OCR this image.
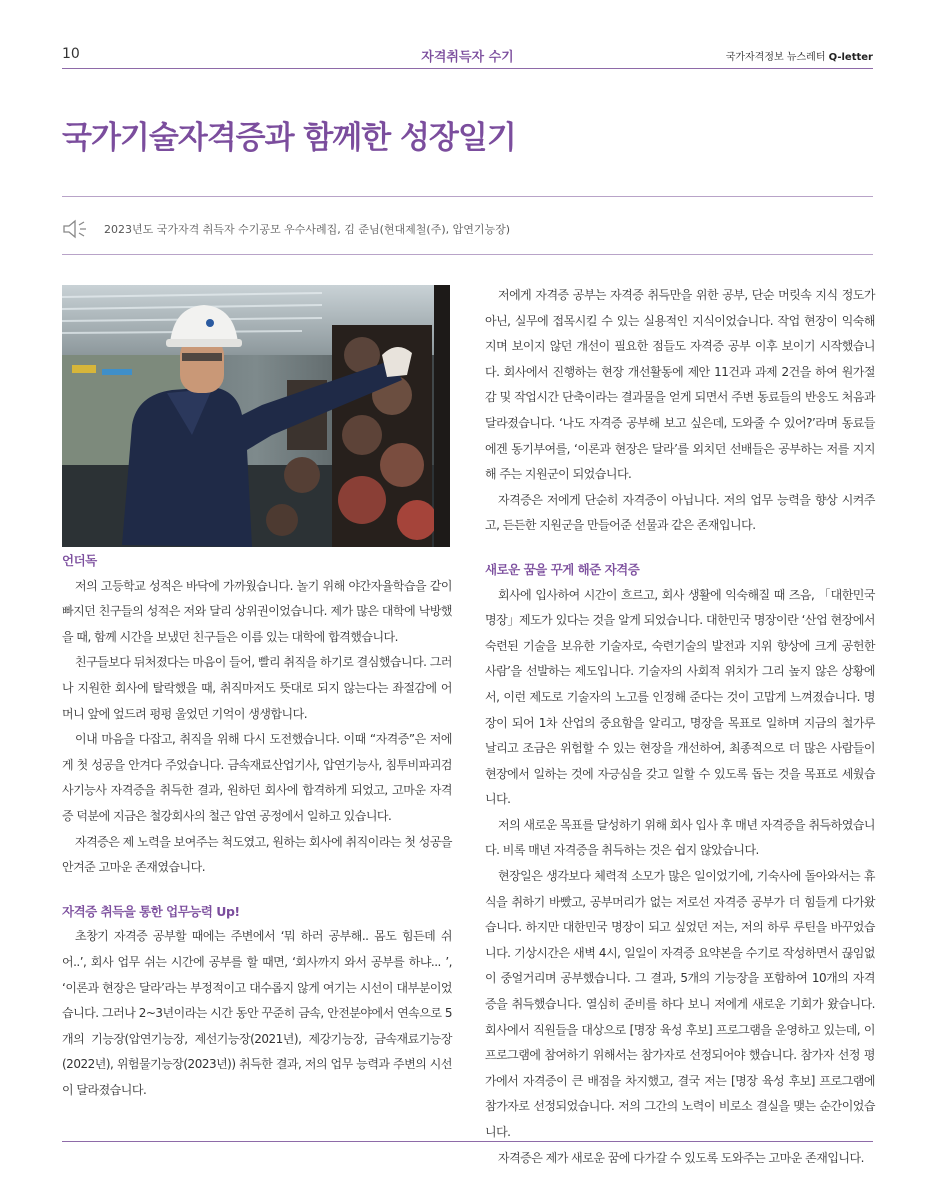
10	자격취득자 수기	국가자격정보 뉴스레터 Q-letter
국가기술자격증과 함께한 성장일기
2023년도 국가자격 취득자 수기공모 우수사례집, 김 준님(현대제철(주), 압연기능장)
언더독

저의 고등학교 성적은 바닥에 가까웠습니다. 놀기 위해 야간자율학습을 같이 빠지던 친구들의 성적은 저와 달리 상위권이었습니다. 제가 많은 대학에 낙방했을 때, 함께 시간을 보냈던 친구들은 이름 있는 대학에 합격했습니다.

친구들보다 뒤처졌다는 마음이 들어, 빨리 취직을 하기로 결심했습니다. 그러나 지원한 회사에 탈락했을 때, 취직마저도 뜻대로 되지 않는다는 좌절감에 어머니 앞에 엎드려 펑펑 울었던 기억이 생생합니다.

이내 마음을 다잡고, 취직을 위해 다시 도전했습니다. 이때 “자격증”은 저에게 첫 성공을 안겨다 주었습니다. 금속재료산업기사, 압연기능사, 침투비파괴검사기능사 자격증을 취득한 결과, 원하던 회사에 합격하게 되었고, 고마운 자격증 덕분에 지금은 철강회사의 철근 압연 공정에서 일하고 있습니다.

자격증은 제 노력을 보여주는 척도였고, 원하는 회사에 취직이라는 첫 성공을 안겨준 고마운 존재였습니다.

자격증 취득을 통한 업무능력 Up!

초창기 자격증 공부할 때에는 주변에서 ‘뭐 하러 공부해.. 몸도 힘든데 쉬어..’, 회사 업무 쉬는 시간에 공부를 할 때면, ‘회사까지 와서 공부를 하냐... ’, ‘이론과 현장은 달라’라는 부정적이고 대수롭지 않게 여기는 시선이 대부분이었습니다. 그러나 2~3년이라는 시간 동안 꾸준히 금속, 안전분야에서 연속으로 5개의 기능장(압연기능장, 제선기능장(2021년), 제강기능장, 금속재료기능장(2022년), 위험물기능장(2023년)) 취득한 결과, 저의 업무 능력과 주변의 시선이 달라졌습니다.

저에게 자격증 공부는 자격증 취득만을 위한 공부, 단순 머릿속 지식 정도가 아닌, 실무에 접목시킬 수 있는 실용적인 지식이었습니다. 작업 현장이 익숙해지며 보이지 않던 개선이 필요한 점들도 자격증 공부 이후 보이기 시작했습니다. 회사에서 진행하는 현장 개선활동에 제안 11건과 과제 2건을 하여 원가절감 및 작업시간 단축이라는 결과물을 얻게 되면서 주변 동료들의 반응도 처음과 달라졌습니다. ‘나도 자격증 공부해 보고 싶은데, 도와줄 수 있어?’라며 동료들에겐 동기부여를, ‘이론과 현장은 달라’를 외치던 선배들은 공부하는 저를 지지해 주는 지원군이 되었습니다.

자격증은 저에게 단순히 자격증이 아닙니다. 저의 업무 능력을 향상 시켜주고, 든든한 지원군을 만들어준 선물과 같은 존재입니다.

새로운 꿈을 꾸게 해준 자격증

회사에 입사하여 시간이 흐르고, 회사 생활에 익숙해질 때 즈음, 「대한민국 명장」제도가 있다는 것을 알게 되었습니다. 대한민국 명장이란 ‘산업 현장에서 숙련된 기술을 보유한 기술자로, 숙련기술의 발전과 지위 향상에 크게 공헌한 사람’을 선발하는 제도입니다. 기술자의 사회적 위치가 그리 높지 않은 상황에서, 이런 제도로 기술자의 노고를 인정해 준다는 것이 고맙게 느껴졌습니다. 명장이 되어 1차 산업의 중요함을 알리고, 명장을 목표로 일하며 지금의 철가루 날리고 조금은 위험할 수 있는 현장을 개선하여, 최종적으로 더 많은 사람들이 현장에서 일하는 것에 자긍심을 갖고 일할 수 있도록 돕는 것을 목표로 세웠습니다.

저의 새로운 목표를 달성하기 위해 회사 입사 후 매년 자격증을 취득하였습니다. 비록 매년 자격증을 취득하는 것은 쉽지 않았습니다.

현장일은 생각보다 체력적 소모가 많은 일이었기에, 기숙사에 돌아와서는 휴식을 취하기 바빴고, 공부머리가 없는 저로선 자격증 공부가 더 힘들게 다가왔습니다. 하지만 대한민국 명장이 되고 싶었던 저는, 저의 하루 루틴을 바꾸었습니다. 기상시간은 새벽 4시, 일일이 자격증 요약본을 수기로 작성하면서 끊임없이 중얼거리며 공부했습니다. 그 결과, 5개의 기능장을 포함하여 10개의 자격증을 취득했습니다. 열심히 준비를 하다 보니 저에게 새로운 기회가 왔습니다. 회사에서 직원들을 대상으로 [명장 육성 후보] 프로그램을 운영하고 있는데, 이 프로그램에 참여하기 위해서는 참가자로 선정되어야 했습니다. 참가자 선정 평가에서 자격증이 큰 배점을 차지했고, 결국 저는 [명장 육성 후보] 프로그램에 참가자로 선정되었습니다. 저의 그간의 노력이 비로소 결실을 맺는 순간이었습니다.

자격증은 제가 새로운 꿈에 다가갈 수 있도록 도와주는 고마운 존재입니다.
